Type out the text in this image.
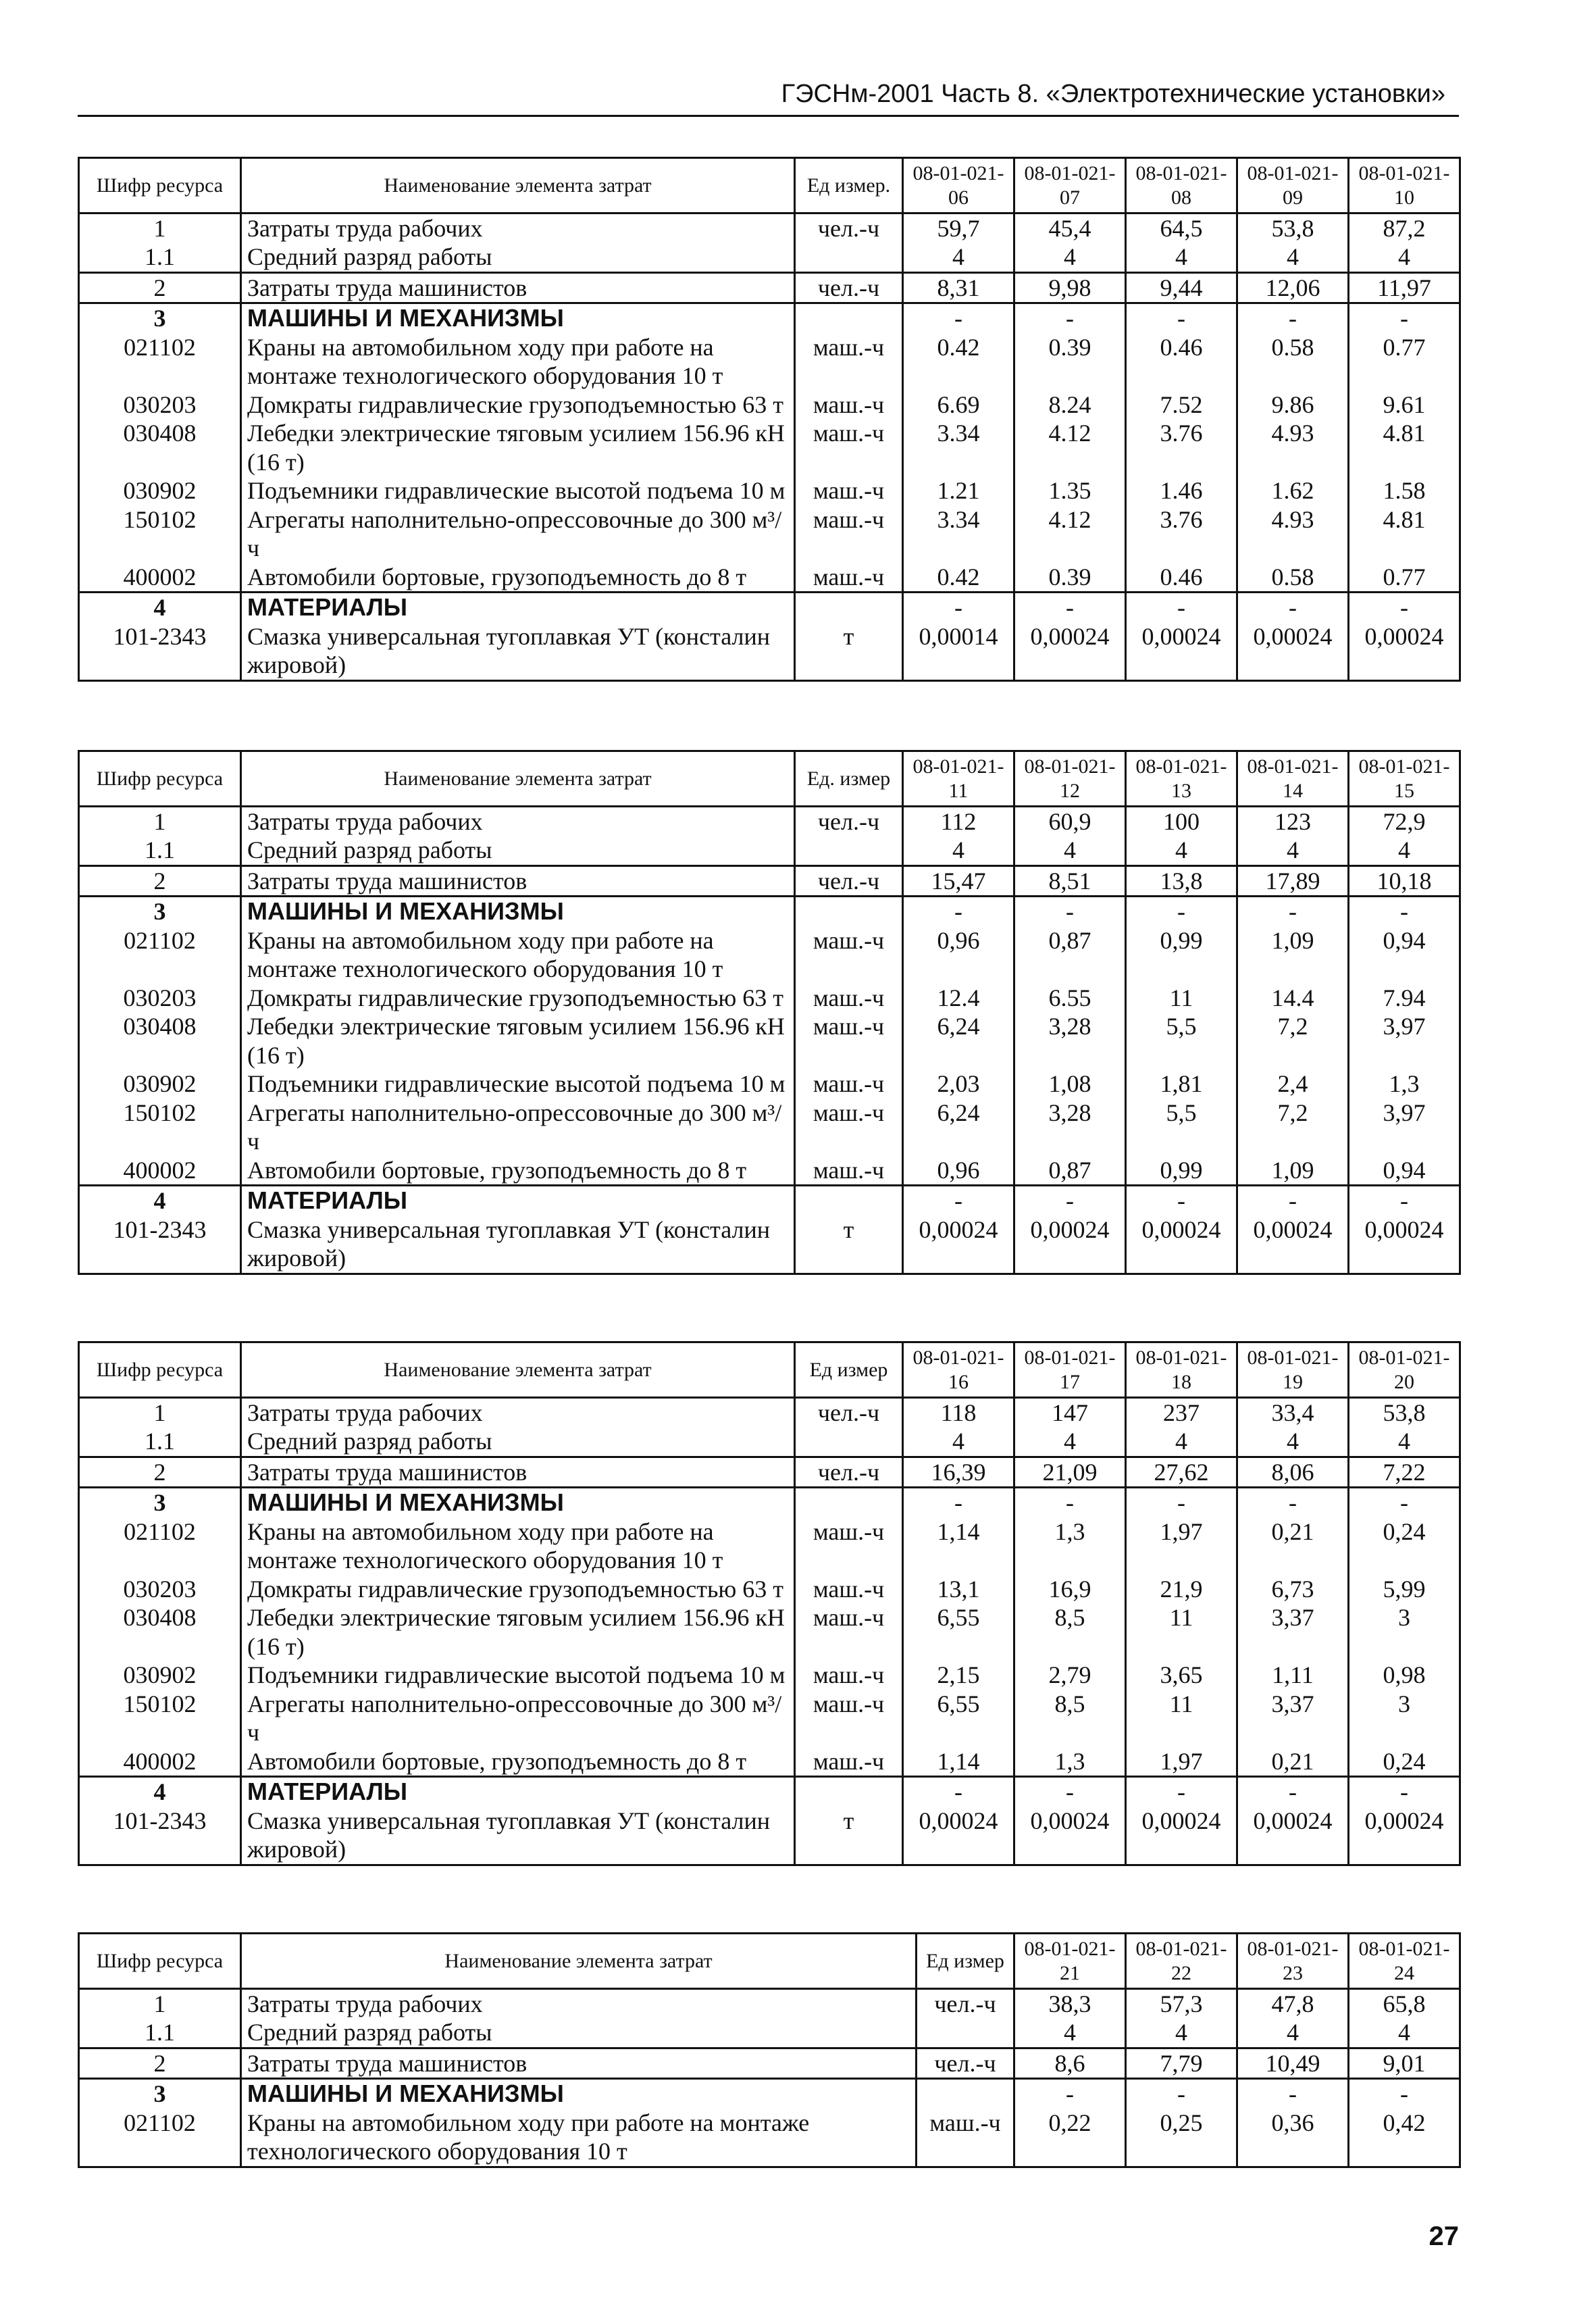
ГЭСНм-2001 Часть 8. «Электротехнические установки»
Шифр ресурса	Наименование элемента затрат	Ед измер.	08-01-021-06	08-01-021-07	08-01-021-08	08-01-021-09	08-01-021-10
1	Затраты труда рабочих	чел.-ч	59,7	45,4	64,5	53,8	87,2
1.1	Средний разряд работы		4	4	4	4	4
2	Затраты труда машинистов	чел.-ч	8,31	9,98	9,44	12,06	11,97
3	МАШИНЫ И МЕХАНИЗМЫ		-	-	-	-	-
021102	Краны на автомобильном ходу при работе на монтаже технологического оборудования 10 т	маш.-ч	0.42	0.39	0.46	0.58	0.77
030203	Домкраты гидравлические грузоподъемностью 63 т	маш.-ч	6.69	8.24	7.52	9.86	9.61
030408	Лебедки электрические тяговым усилием 156.96 кН (16 т)	маш.-ч	3.34	4.12	3.76	4.93	4.81
030902	Подъемники гидравлические высотой подъема 10 м	маш.-ч	1.21	1.35	1.46	1.62	1.58
150102	Агрегаты наполнительно-опрессовочные до 300 м³/ч	маш.-ч	3.34	4.12	3.76	4.93	4.81
400002	Автомобили бортовые, грузоподъемность до 8 т	маш.-ч	0.42	0.39	0.46	0.58	0.77
4	МАТЕРИАЛЫ		-	-	-	-	-
101-2343	Смазка универсальная тугоплавкая УТ (консталин жировой)	т	0,00014	0,00024	0,00024	0,00024	0,00024
Шифр ресурса	Наименование элемента затрат	Ед. измер	08-01-021-11	08-01-021-12	08-01-021-13	08-01-021-14	08-01-021-15
1	Затраты труда рабочих	чел.-ч	112	60,9	100	123	72,9
1.1	Средний разряд работы		4	4	4	4	4
2	Затраты труда машинистов	чел.-ч	15,47	8,51	13,8	17,89	10,18
3	МАШИНЫ И МЕХАНИЗМЫ		-	-	-	-	-
021102	Краны на автомобильном ходу при работе на монтаже технологического оборудования 10 т	маш.-ч	0,96	0,87	0,99	1,09	0,94
030203	Домкраты гидравлические грузоподъемностью 63 т	маш.-ч	12.4	6.55	11	14.4	7.94
030408	Лебедки электрические тяговым усилием 156.96 кН (16 т)	маш.-ч	6,24	3,28	5,5	7,2	3,97
030902	Подъемники гидравлические высотой подъема 10 м	маш.-ч	2,03	1,08	1,81	2,4	1,3
150102	Агрегаты наполнительно-опрессовочные до 300 м³/ч	маш.-ч	6,24	3,28	5,5	7,2	3,97
400002	Автомобили бортовые, грузоподъемность до 8 т	маш.-ч	0,96	0,87	0,99	1,09	0,94
4	МАТЕРИАЛЫ		-	-	-	-	-
101-2343	Смазка универсальная тугоплавкая УТ (консталин жировой)	т	0,00024	0,00024	0,00024	0,00024	0,00024
Шифр ресурса	Наименование элемента затрат	Ед измер	08-01-021-16	08-01-021-17	08-01-021-18	08-01-021-19	08-01-021-20
1	Затраты труда рабочих	чел.-ч	118	147	237	33,4	53,8
1.1	Средний разряд работы		4	4	4	4	4
2	Затраты труда машинистов	чел.-ч	16,39	21,09	27,62	8,06	7,22
3	МАШИНЫ И МЕХАНИЗМЫ		-	-	-	-	-
021102	Краны на автомобильном ходу при работе на монтаже технологического оборудования 10 т	маш.-ч	1,14	1,3	1,97	0,21	0,24
030203	Домкраты гидравлические грузоподъемностью 63 т	маш.-ч	13,1	16,9	21,9	6,73	5,99
030408	Лебедки электрические тяговым усилием 156.96 кН (16 т)	маш.-ч	6,55	8,5	11	3,37	3
030902	Подъемники гидравлические высотой подъема 10 м	маш.-ч	2,15	2,79	3,65	1,11	0,98
150102	Агрегаты наполнительно-опрессовочные до 300 м³/ч	маш.-ч	6,55	8,5	11	3,37	3
400002	Автомобили бортовые, грузоподъемность до 8 т	маш.-ч	1,14	1,3	1,97	0,21	0,24
4	МАТЕРИАЛЫ		-	-	-	-	-
101-2343	Смазка универсальная тугоплавкая УТ (консталин жировой)	т	0,00024	0,00024	0,00024	0,00024	0,00024
Шифр ресурса	Наименование элемента затрат	Ед измер	08-01-021-21	08-01-021-22	08-01-021-23	08-01-021-24
1	Затраты труда рабочих	чел.-ч	38,3	57,3	47,8	65,8
1.1	Средний разряд работы		4	4	4	4
2	Затраты труда машинистов	чел.-ч	8,6	7,79	10,49	9,01
3	МАШИНЫ И МЕХАНИЗМЫ		-	-	-	-
021102	Краны на автомобильном ходу при работе на монтаже технологического оборудования 10 т	маш.-ч	0,22	0,25	0,36	0,42
27
